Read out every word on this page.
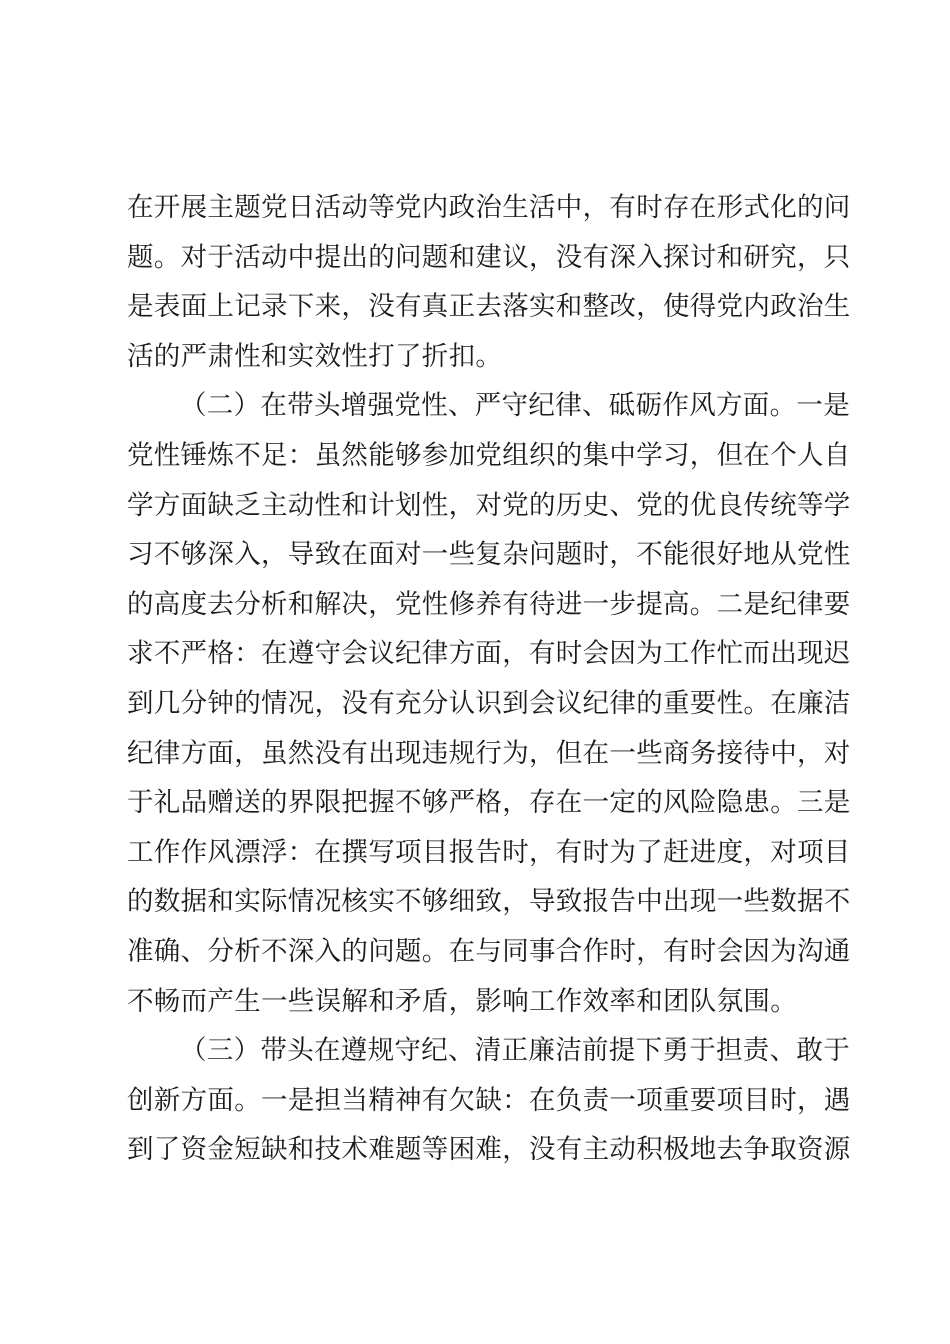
在开展主题党日活动等党内政治生活中，有时存在形式化的问
题。对于活动中提出的问题和建议，没有深入探讨和研究，只
是表面上记录下来，没有真正去落实和整改，使得党内政治生
活的严肃性和实效性打了折扣。
（二）在带头增强党性、严守纪律、砥砺作风方面。一是
党性锤炼不足：虽然能够参加党组织的集中学习，但在个人自
学方面缺乏主动性和计划性，对党的历史、党的优良传统等学
习不够深入，导致在面对一些复杂问题时，不能很好地从党性
的高度去分析和解决，党性修养有待进一步提高。二是纪律要
求不严格：在遵守会议纪律方面，有时会因为工作忙而出现迟
到几分钟的情况，没有充分认识到会议纪律的重要性。在廉洁
纪律方面，虽然没有出现违规行为，但在一些商务接待中，对
于礼品赠送的界限把握不够严格，存在一定的风险隐患。三是
工作作风漂浮：在撰写项目报告时，有时为了赶进度，对项目
的数据和实际情况核实不够细致，导致报告中出现一些数据不
准确、分析不深入的问题。在与同事合作时，有时会因为沟通
不畅而产生一些误解和矛盾，影响工作效率和团队氛围。
（三）带头在遵规守纪、清正廉洁前提下勇于担责、敢于
创新方面。一是担当精神有欠缺：在负责一项重要项目时，遇
到了资金短缺和技术难题等困难，没有主动积极地去争取资源
